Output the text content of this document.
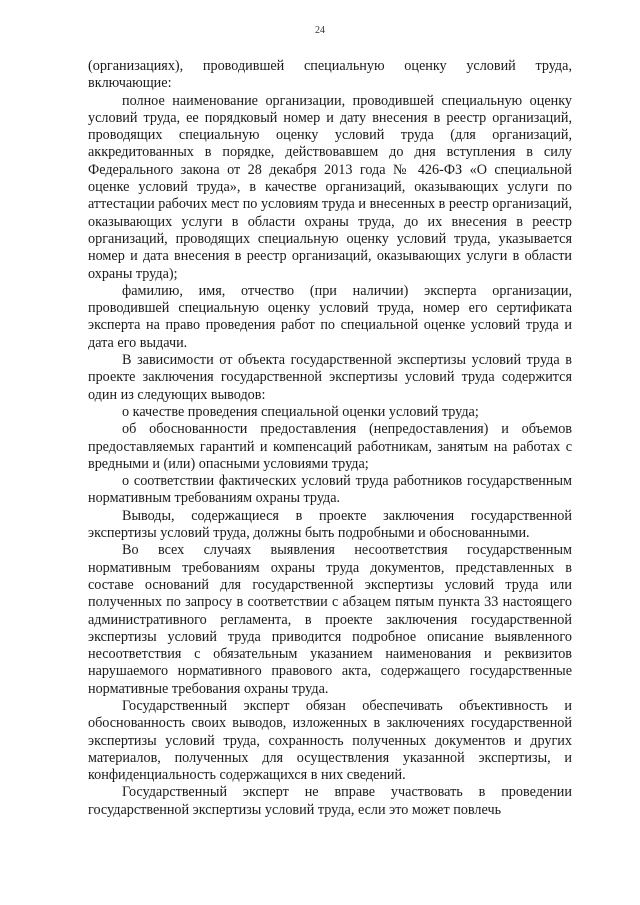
24

(организациях), проводившей специальную оценку условий труда, включающие:

полное наименование организации, проводившей специальную оценку условий труда, ее порядковый номер и дату внесения в реестр организаций, проводящих специальную оценку условий труда (для организаций, аккредитованных в порядке, действовавшем до дня вступления в силу Федерального закона от 28 декабря 2013 года № 426-ФЗ «О специальной оценке условий труда», в качестве организаций, оказывающих услуги по аттестации рабочих мест по условиям труда и внесенных в реестр организаций, оказывающих услуги в области охраны труда, до их внесения в реестр организаций, проводящих специальную оценку условий труда, указывается номер и дата внесения в реестр организаций, оказывающих услуги в области охраны труда);

фамилию, имя, отчество (при наличии) эксперта организации, проводившей специальную оценку условий труда, номер его сертификата эксперта на право проведения работ по специальной оценке условий труда и дата его выдачи.

В зависимости от объекта государственной экспертизы условий труда в проекте заключения государственной экспертизы условий труда содержится один из следующих выводов:

о качестве проведения специальной оценки условий труда;

об обоснованности предоставления (непредоставления) и объемов предоставляемых гарантий и компенсаций работникам, занятым на работах с вредными и (или) опасными условиями труда;

о соответствии фактических условий труда работников государственным нормативным требованиям охраны труда.

Выводы, содержащиеся в проекте заключения государственной экспертизы условий труда, должны быть подробными и обоснованными.

Во всех случаях выявления несоответствия государственным нормативным требованиям охраны труда документов, представленных в составе оснований для государственной экспертизы условий труда или полученных по запросу в соответствии с абзацем пятым пункта 33 настоящего административного регламента, в проекте заключения государственной экспертизы условий труда приводится подробное описание выявленного несоответствия с обязательным указанием наименования и реквизитов нарушаемого нормативного правового акта, содержащего государственные нормативные требования охраны труда.

Государственный эксперт обязан обеспечивать объективность и обоснованность своих выводов, изложенных в заключениях государственной экспертизы условий труда, сохранность полученных документов и других материалов, полученных для осуществления указанной экспертизы, и конфиденциальность содержащихся в них сведений.

Государственный эксперт не вправе участвовать в проведении государственной экспертизы условий труда, если это может повлечь
